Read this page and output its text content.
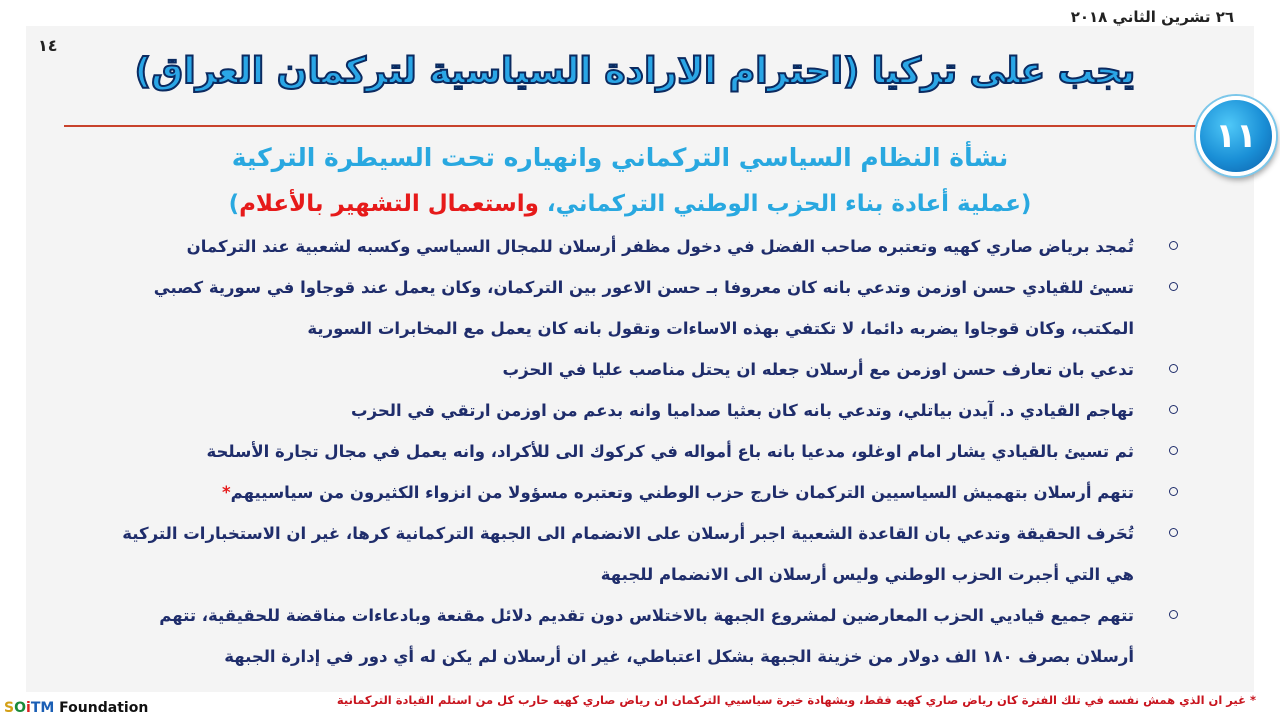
٢٦ تشرين الثاني ٢٠١٨
١٤
يجب على تركيا (احترام الارادة السياسية لتركمان العراق)
١١
نشأة النظام السياسي التركماني وانهياره تحت السيطرة التركية
(عملية أعادة بناء الحزب الوطني التركماني، واستعمال التشهير بالأعلام)
تُمجد برياض صاري كهيه وتعتبره صاحب الفضل في دخول مظفر أرسلان للمجال السياسي وكسبه لشعبية عند التركمان
تسيئ للقيادي حسن اوزمن وتدعي بانه كان معروفا بـ حسن الاعور بين التركمان، وكان يعمل عند قوجاوا في سورية كصبي المكتب، وكان قوجاوا يضربه دائما، لا تكتفي بهذه الاساءات وتقول بانه كان يعمل مع المخابرات السورية
تدعي بان تعارف حسن اوزمن مع أرسلان جعله ان يحتل مناصب عليا في الحزب
تهاجم القيادي د. آيدن بياتلي، وتدعي بانه كان بعثيا صداميا وانه بدعم من اوزمن ارتقي في الحزب
ثم تسيئ بالقيادي يشار امام اوغلو، مدعيا بانه باع أمواله في كركوك الى للأكراد، وانه يعمل في مجال تجارة الأسلحة
تتهم أرسلان بتهميش السياسيين التركمان خارج حزب الوطني وتعتبره مسؤولا من انزواء الكثيرون من سياسييهم*
تُحَرف الحقيقة وتدعي بان القاعدة الشعبية اجبر أرسلان على الانضمام الى الجبهة التركمانية كرها، غير ان الاستخبارات التركية هي التي أجبرت الحزب الوطني وليس أرسلان الى الانضمام للجبهة
تتهم جميع قياديي الحزب المعارضين لمشروع الجبهة بالاختلاس دون تقديم دلائل مقنعة وبادعاءات مناقضة للحقيقية، تتهم أرسلان بصرف ١٨٠ الف دولار من خزينة الجبهة بشكل اعتباطي، غير ان أرسلان لم يكن له أي دور في إدارة الجبهة
SOiTM Foundation	* غير ان الذي همش نفسه في تلك الفترة كان رياض صاري كهيه فقط، وبشهادة خيرة سياسيي التركمان ان رياض صاري كهيه حارب كل من استلم القيادة التركمانية
